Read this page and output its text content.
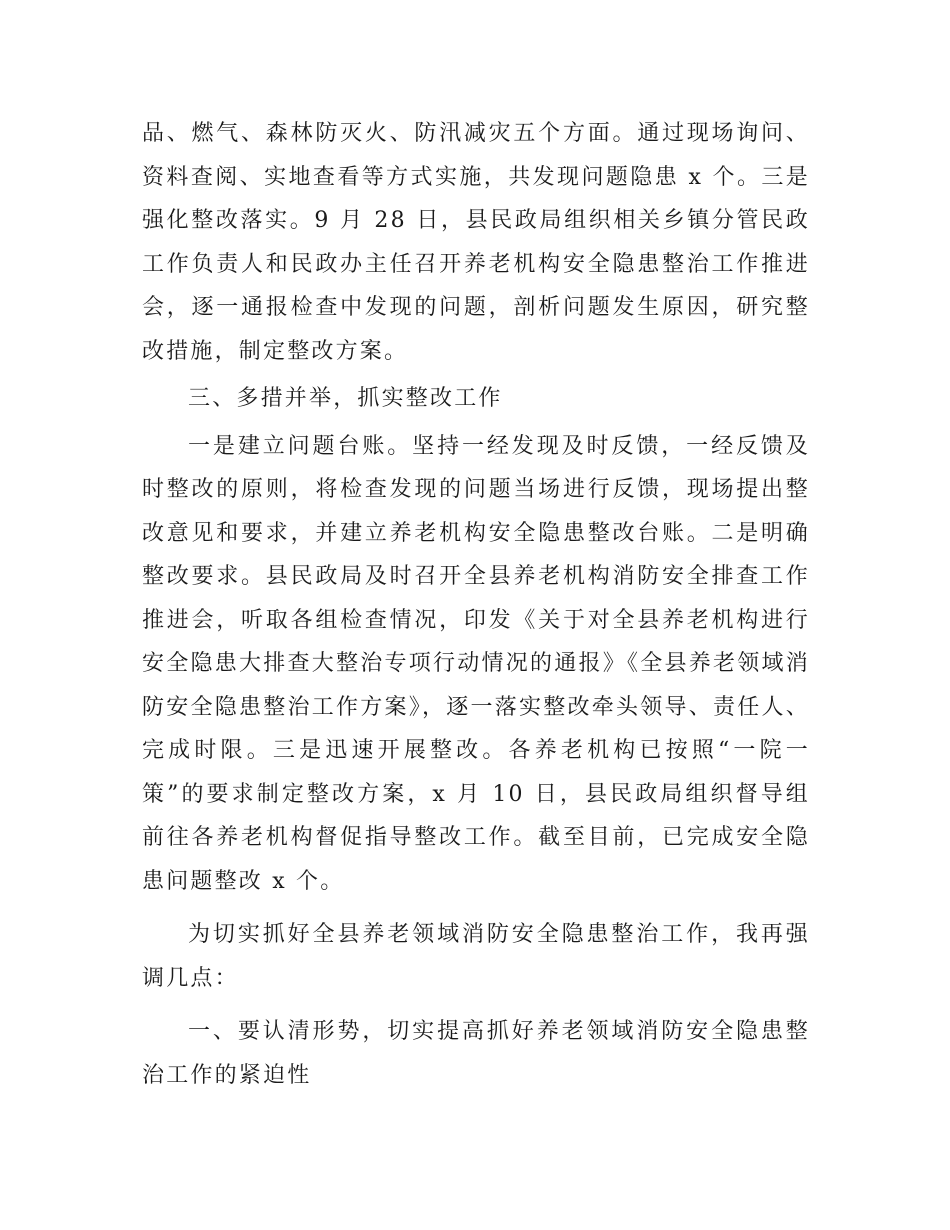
品、燃气、森林防灭火、防汛减灾五个方面。通过现场询问、资料查阅、实地查看等方式实施，共发现问题隐患 x 个。三是强化整改落实。9 月 28 日，县民政局组织相关乡镇分管民政工作负责人和民政办主任召开养老机构安全隐患整治工作推进会，逐一通报检查中发现的问题，剖析问题发生原因，研究整改措施，制定整改方案。

三、多措并举，抓实整改工作

一是建立问题台账。坚持一经发现及时反馈，一经反馈及时整改的原则，将检查发现的问题当场进行反馈，现场提出整改意见和要求，并建立养老机构安全隐患整改台账。二是明确整改要求。县民政局及时召开全县养老机构消防安全排查工作推进会，听取各组检查情况，印发《关于对全县养老机构进行安全隐患大排查大整治专项行动情况的通报》《全县养老领域消防安全隐患整治工作方案》，逐一落实整改牵头领导、责任人、完成时限。三是迅速开展整改。各养老机构已按照“一院一策”的要求制定整改方案，x 月 10 日，县民政局组织督导组前往各养老机构督促指导整改工作。截至目前，已完成安全隐患问题整改 x 个。

为切实抓好全县养老领域消防安全隐患整治工作，我再强调几点：

一、要认清形势，切实提高抓好养老领域消防安全隐患整治工作的紧迫性
